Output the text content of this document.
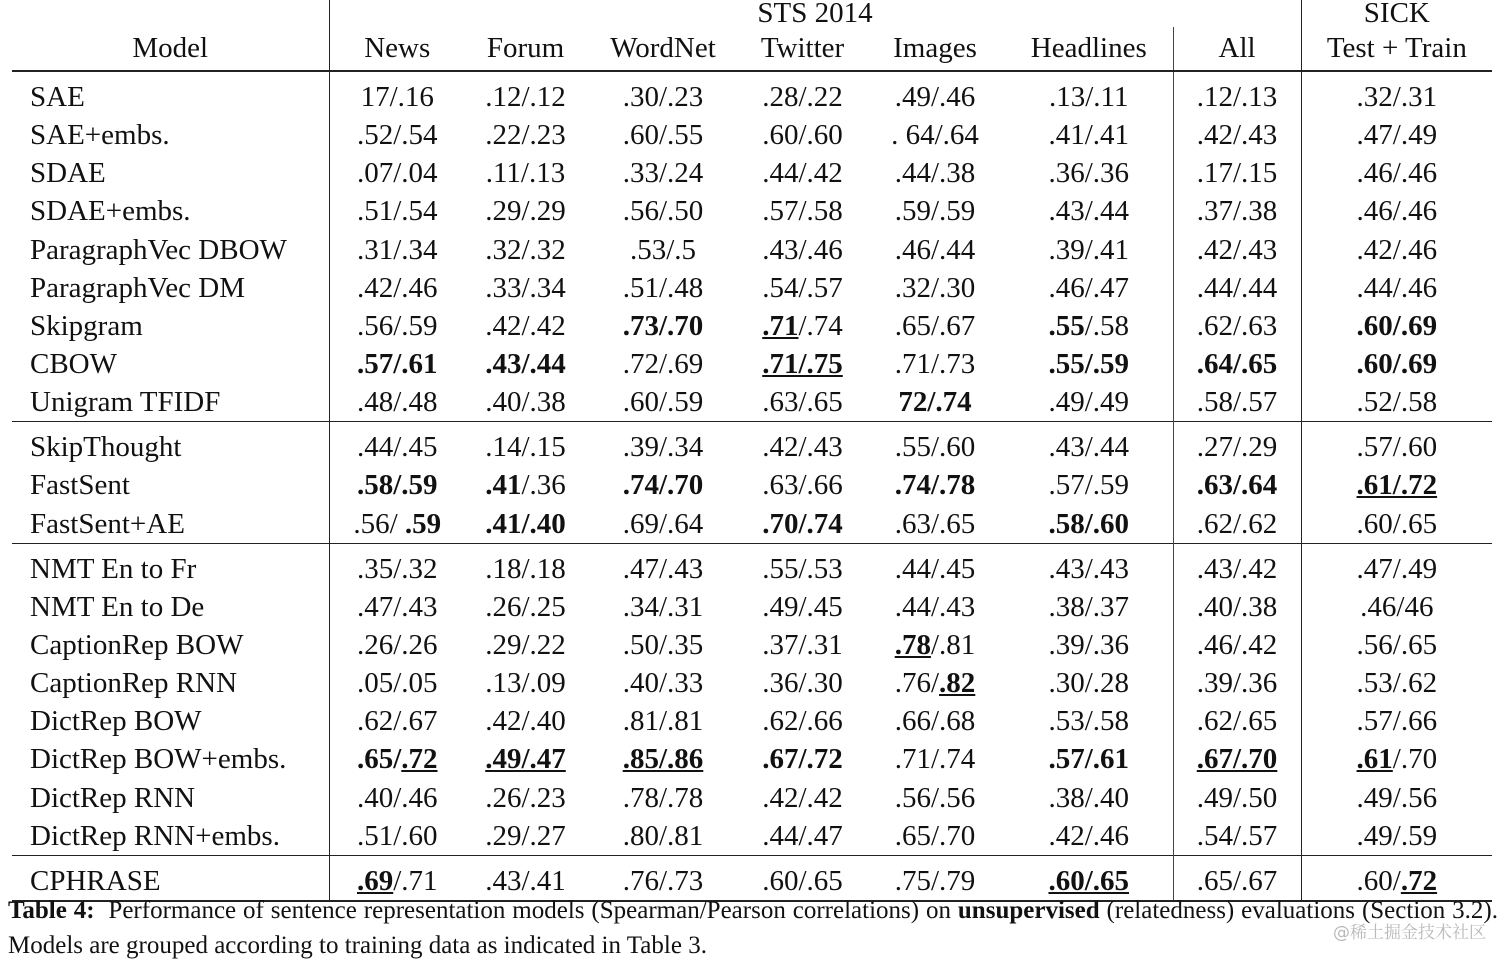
	STS 2014							SICK
Model	News	Forum	WordNet	Twitter	Images	Headlines	All	Test + Train
SAE	17/.16	.12/.12	.30/.23	.28/.22	.49/.46	.13/.11	.12/.13	.32/.31
SAE+embs.	.52/.54	.22/.23	.60/.55	.60/.60	. 64/.64	.41/.41	.42/.43	.47/.49
SDAE	.07/.04	.11/.13	.33/.24	.44/.42	.44/.38	.36/.36	.17/.15	.46/.46
SDAE+embs.	.51/.54	.29/.29	.56/.50	.57/.58	.59/.59	.43/.44	.37/.38	.46/.46
ParagraphVec DBOW	.31/.34	.32/.32	.53/.5	.43/.46	.46/.44	.39/.41	.42/.43	.42/.46
ParagraphVec DM	.42/.46	.33/.34	.51/.48	.54/.57	.32/.30	.46/.47	.44/.44	.44/.46
Skipgram	.56/.59	.42/.42	.73/.70	.71/.74	.65/.67	.55/.58	.62/.63	.60/.69
CBOW	.57/.61	.43/.44	.72/.69	.71/.75	.71/.73	.55/.59	.64/.65	.60/.69
Unigram TFIDF	.48/.48	.40/.38	.60/.59	.63/.65	72/.74	.49/.49	.58/.57	.52/.58
SkipThought	.44/.45	.14/.15	.39/.34	.42/.43	.55/.60	.43/.44	.27/.29	.57/.60
FastSent	.58/.59	.41/.36	.74/.70	.63/.66	.74/.78	.57/.59	.63/.64	.61/.72
FastSent+AE	.56/ .59	.41/.40	.69/.64	.70/.74	.63/.65	.58/.60	.62/.62	.60/.65
NMT En to Fr	.35/.32	.18/.18	.47/.43	.55/.53	.44/.45	.43/.43	.43/.42	.47/.49
NMT En to De	.47/.43	.26/.25	.34/.31	.49/.45	.44/.43	.38/.37	.40/.38	.46/46
CaptionRep BOW	.26/.26	.29/.22	.50/.35	.37/.31	.78/.81	.39/.36	.46/.42	.56/.65
CaptionRep RNN	.05/.05	.13/.09	.40/.33	.36/.30	.76/.82	.30/.28	.39/.36	.53/.62
DictRep BOW	.62/.67	.42/.40	.81/.81	.62/.66	.66/.68	.53/.58	.62/.65	.57/.66
DictRep BOW+embs.	.65/.72	.49/.47	.85/.86	.67/.72	.71/.74	.57/.61	.67/.70	.61/.70
DictRep RNN	.40/.46	.26/.23	.78/.78	.42/.42	.56/.56	.38/.40	.49/.50	.49/.56
DictRep RNN+embs.	.51/.60	.29/.27	.80/.81	.44/.47	.65/.70	.42/.46	.54/.57	.49/.59
CPHRASE	.69/.71	.43/.41	.76/.73	.60/.65	.75/.79	.60/.65	.65/.67	.60/.72

Table 4: Performance of sentence representation models (Spearman/Pearson correlations) on unsupervised (relatedness) evaluations (Section 3.2). Models are grouped according to training data as indicated in Table 3.	@稀土掘金技术社区
